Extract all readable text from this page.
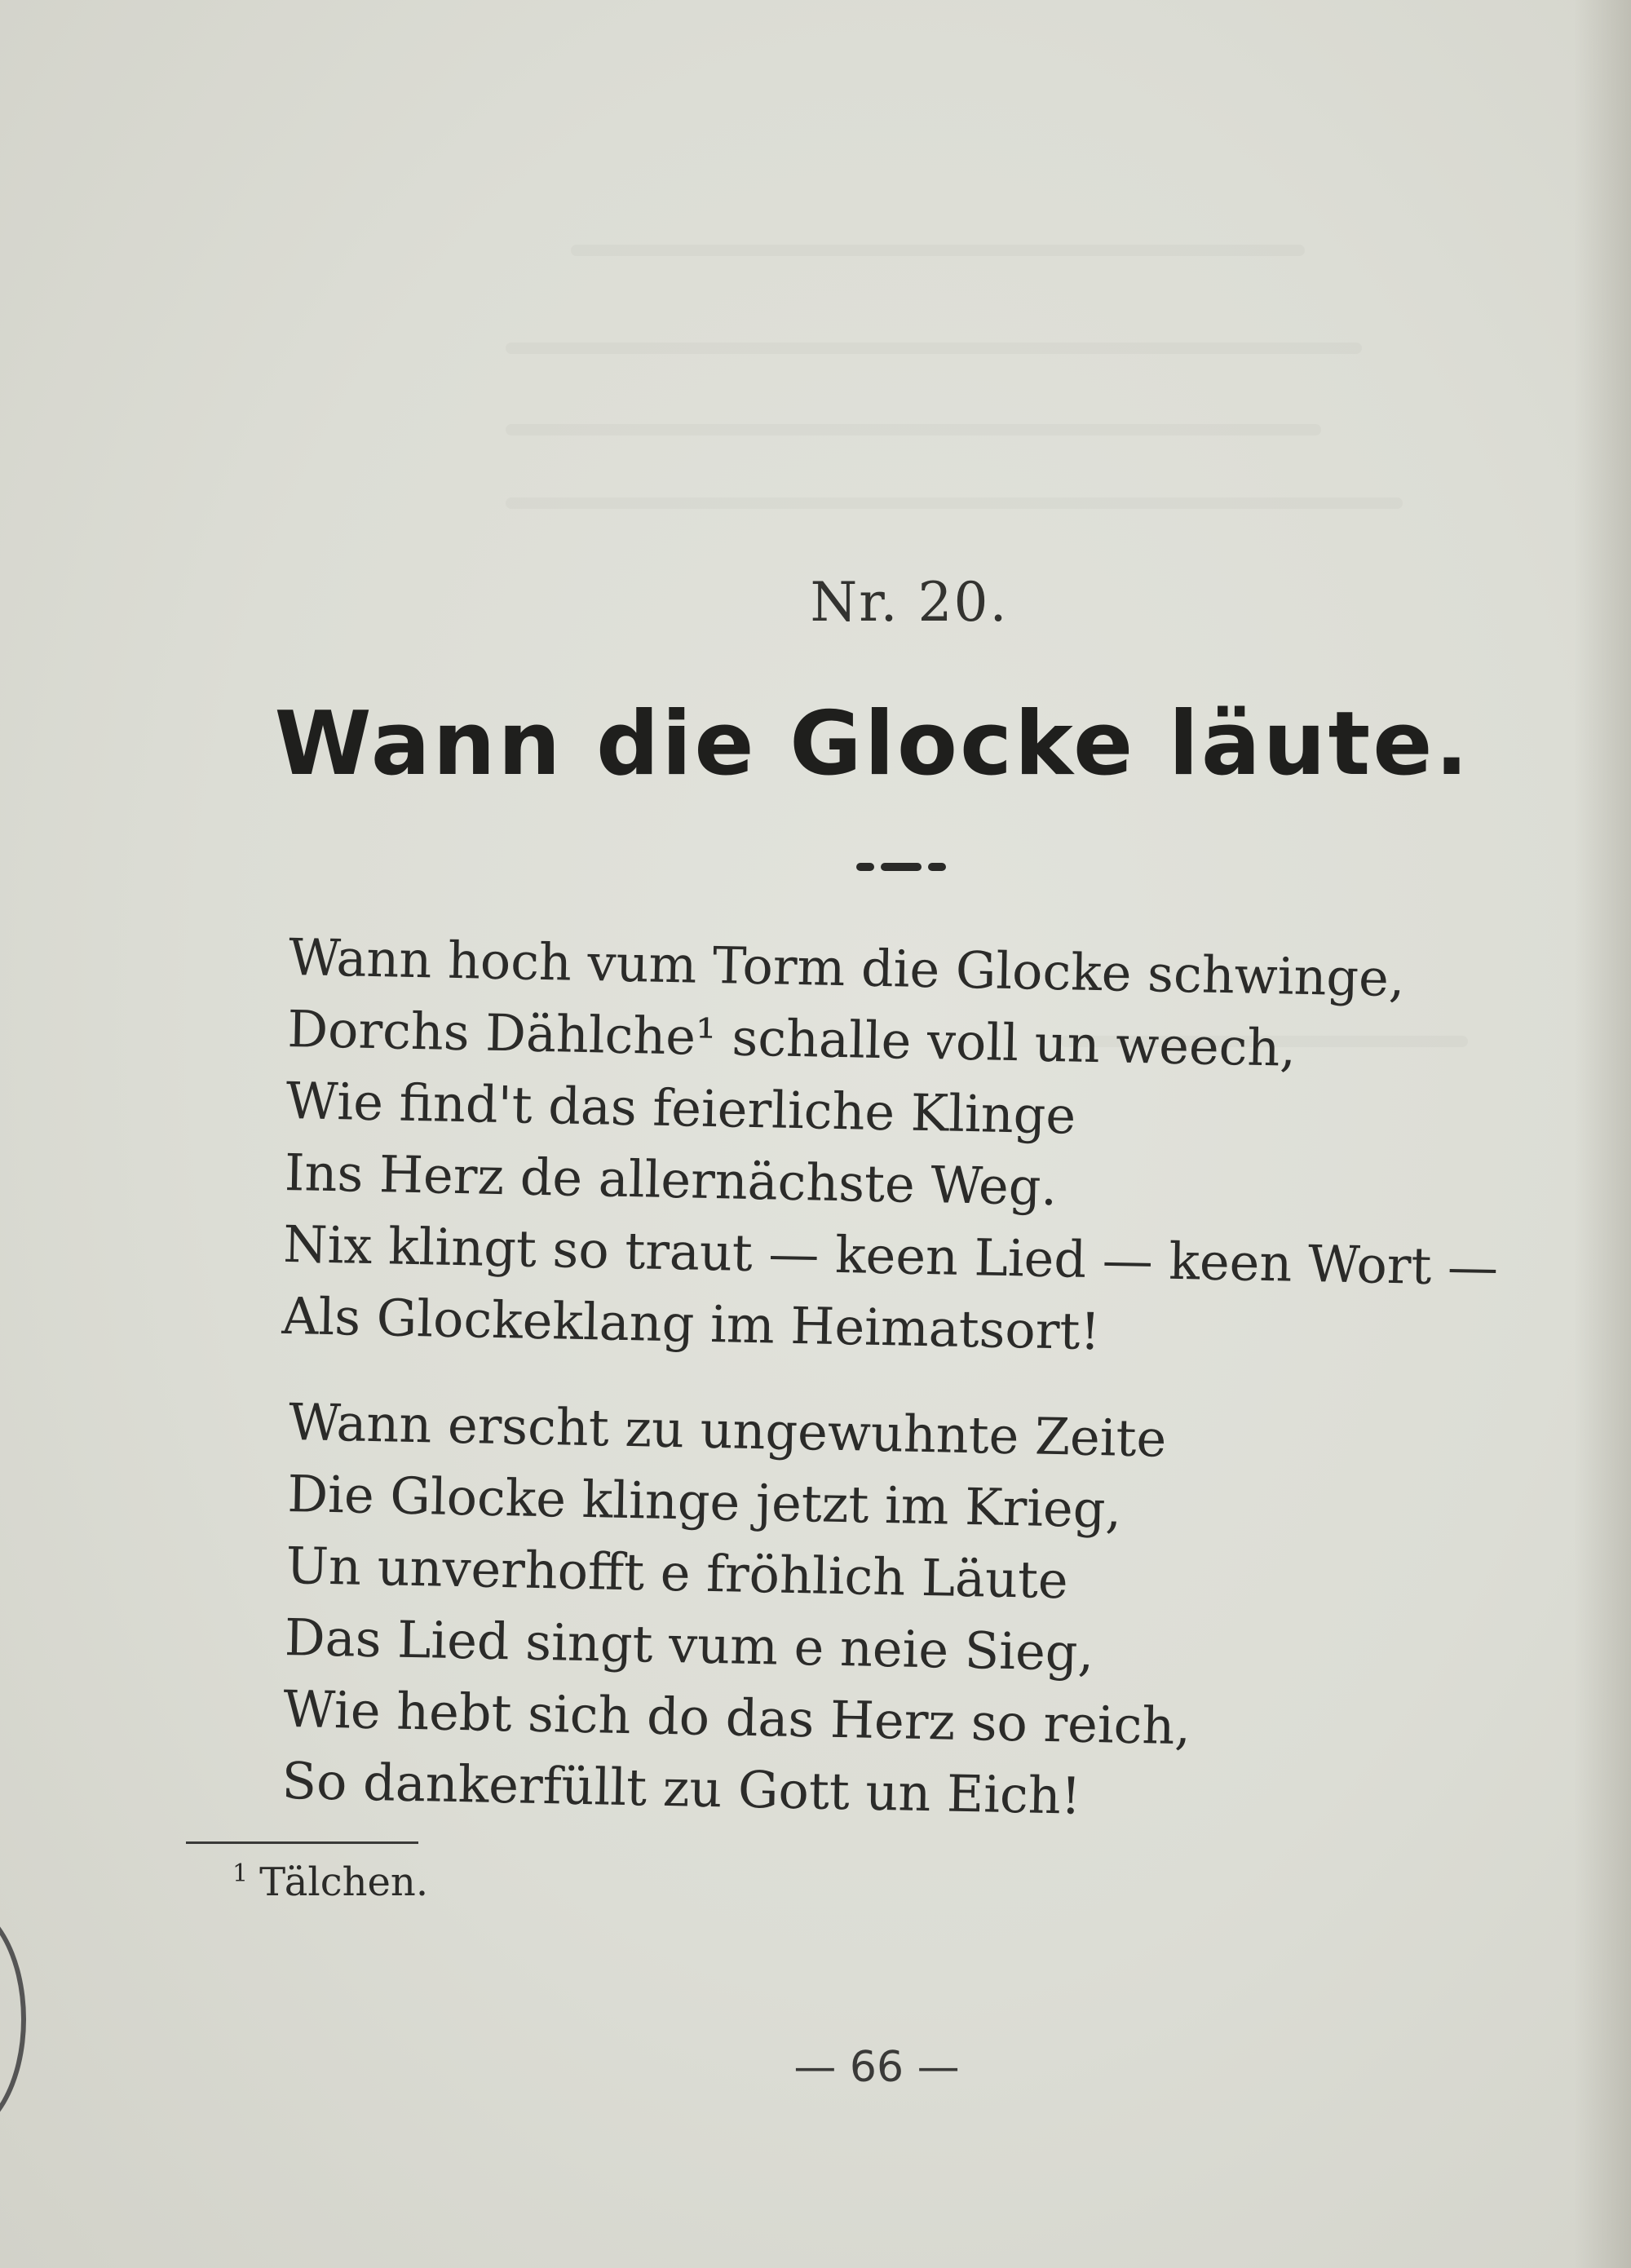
Nr. 20.
Wann die Glocke läute.
Wann hoch vum Torm die Glocke schwinge,
Dorchs Dählche¹ schalle voll un weech,
Wie find't das feierliche Klinge
Ins Herz de allernächste Weg.
Nix klingt so traut — keen Lied — keen Wort —
Als Glockeklang im Heimatsort!
Wann erscht zu ungewuhnte Zeite
Die Glocke klinge jetzt im Krieg,
Un unverhofft e fröhlich Läute
Das Lied singt vum e neie Sieg,
Wie hebt sich do das Herz so reich,
So dankerfüllt zu Gott un Eich!
$^1$ Tälchen.
— 66 —
